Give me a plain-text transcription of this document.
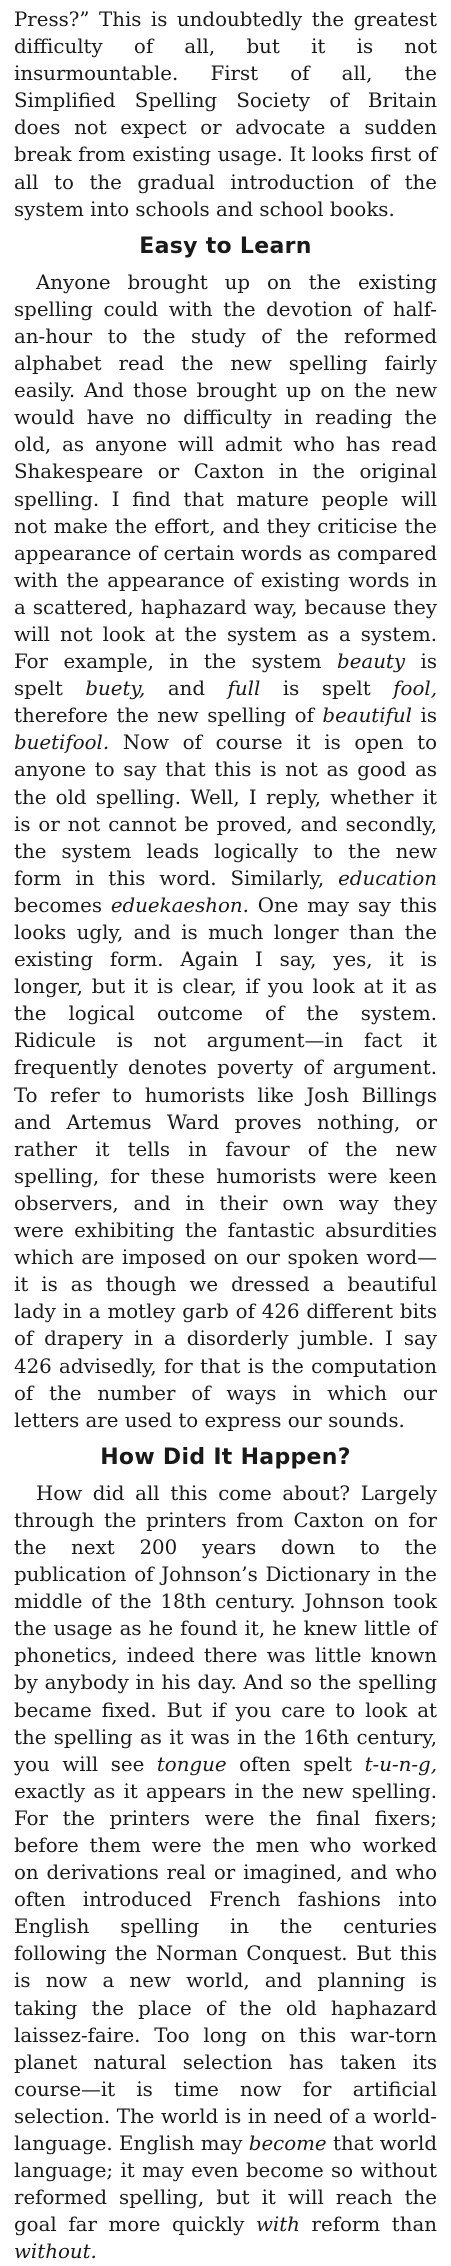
Press?” This is undoubtedly the greatest difficulty of all, but it is not insurmountable. First of all, the Simplified Spelling Society of Britain does not expect or advocate a sudden break from existing usage. It looks first of all to the gradual introduction of the system into schools and school books.

Easy to Learn

Anyone brought up on the existing spelling could with the devotion of half-an-hour to the study of the reformed alphabet read the new spelling fairly easily. And those brought up on the new would have no difficulty in reading the old, as anyone will admit who has read Shakespeare or Caxton in the original spelling. I find that mature people will not make the effort, and they criticise the appearance of certain words as compared with the appearance of existing words in a scattered, haphazard way, because they will not look at the system as a system. For example, in the system beauty is spelt buety, and full is spelt fool, therefore the new spelling of beautiful is buetifool. Now of course it is open to anyone to say that this is not as good as the old spelling. Well, I reply, whether it is or not cannot be proved, and secondly, the system leads logically to the new form in this word. Similarly, education becomes eduekaeshon. One may say this looks ugly, and is much longer than the existing form. Again I say, yes, it is longer, but it is clear, if you look at it as the logical outcome of the system. Ridicule is not argument—in fact it frequently denotes poverty of argument. To refer to humorists like Josh Billings and Artemus Ward proves nothing, or rather it tells in favour of the new spelling, for these humorists were keen observers, and in their own way they were exhibiting the fantastic absurdities which are imposed on our spoken word—it is as though we dressed a beautiful lady in a motley garb of 426 different bits of drapery in a disorderly jumble. I say 426 advisedly, for that is the computation of the number of ways in which our letters are used to express our sounds.

How Did It Happen?

How did all this come about? Largely through the printers from Caxton on for the next 200 years down to the publication of Johnson’s Dictionary in the middle of the 18th century. Johnson took the usage as he found it, he knew little of phonetics, indeed there was little known by anybody in his day. And so the spelling became fixed. But if you care to look at the spelling as it was in the 16th century, you will see tongue often spelt t-u-n-g, exactly as it appears in the new spelling. For the printers were the final fixers; before them were the men who worked on derivations real or imagined, and who often introduced French fashions into English spelling in the centuries following the Norman Conquest. But this is now a new world, and planning is taking the place of the old haphazard laissez-faire. Too long on this war-torn planet natural selection has taken its course—it is time now for artificial selection. The world is in need of a world-language. English may become that world language; it may even become so without reformed spelling, but it will reach the goal far more quickly with reform than without.
